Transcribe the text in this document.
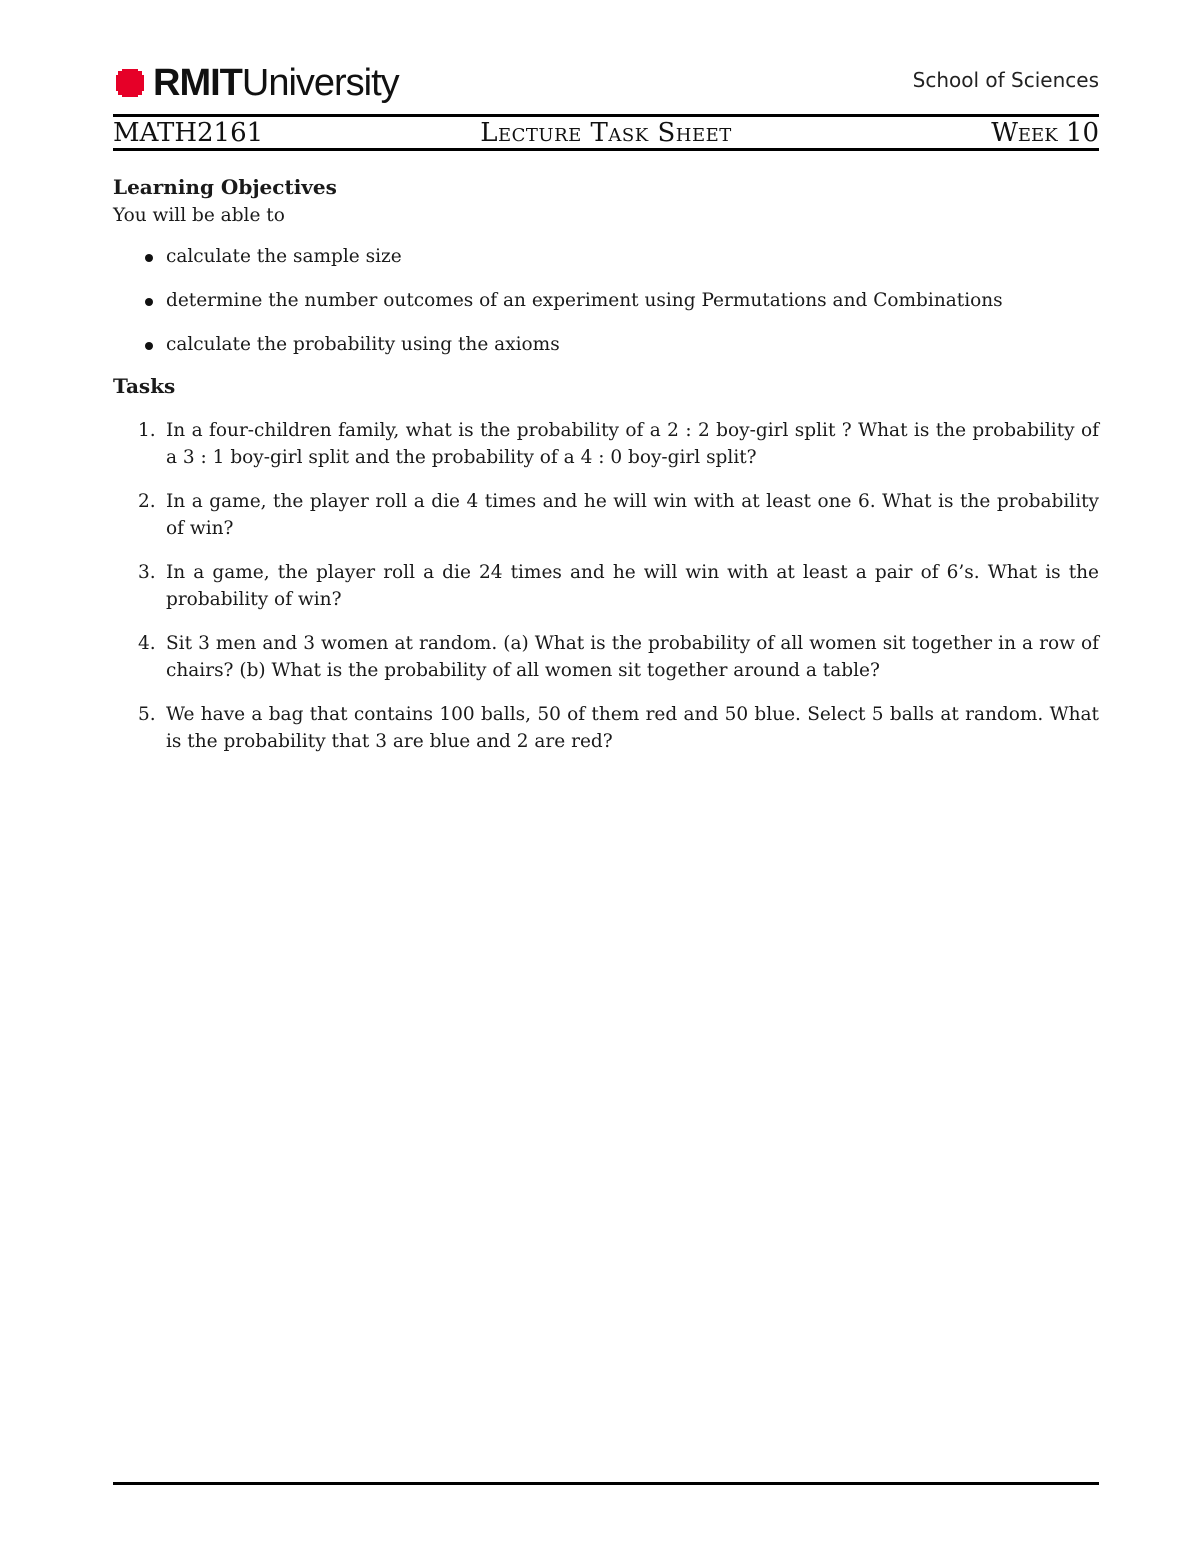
RMIT University	School of Sciences
Lecture Task Sheet
MATH2161	Week 10
Learning Objectives

You will be able to

calculate the sample size
determine the number outcomes of an experiment using Permutations and Combinations
calculate the probability using the axioms
Tasks
1. In a four-children family, what is the probability of a 2 : 2 boy-girl split ? What is the probability of a 3 : 1 boy-girl split and the probability of a 4 : 0 boy-girl split?
2. In a game, the player roll a die 4 times and he will win with at least one 6. What is the probability of win?
3. In a game, the player roll a die 24 times and he will win with at least a pair of 6’s. What is the probability of win?
4. Sit 3 men and 3 women at random. (a) What is the probability of all women sit together in a row of chairs? (b) What is the probability of all women sit together around a table?
5. We have a bag that contains 100 balls, 50 of them red and 50 blue. Select 5 balls at random. What is the probability that 3 are blue and 2 are red?
